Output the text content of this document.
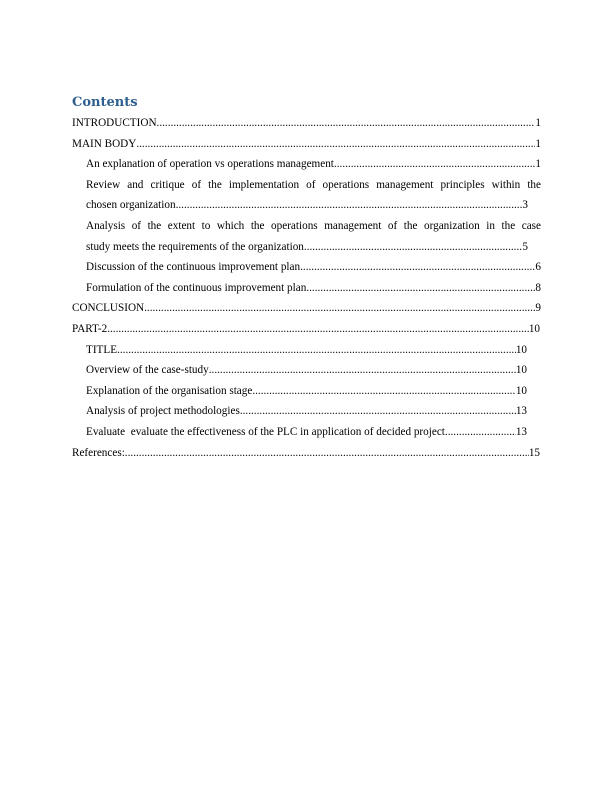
Contents
INTRODUCTION .....	1
MAIN BODY .....	1
An explanation of operation vs operations management .....	1
Review and critique of the implementation of operations management principles within the
chosen organization .....	3
Analysis of the extent to which the operations management of the organization in the case
study meets the requirements of the organization .....	5
Discussion of the continuous improvement plan .....	6
Formulation of the continuous improvement plan .....	8
CONCLUSION .....	9
PART-2 .....	10
TITLE .....	10
Overview of the case-study .....	10
Explanation of the organisation stage .....	10
Analysis of project methodologies .....	13
Evaluate  evaluate the effectiveness of the PLC in application of decided project .....	13
References: .....	15
